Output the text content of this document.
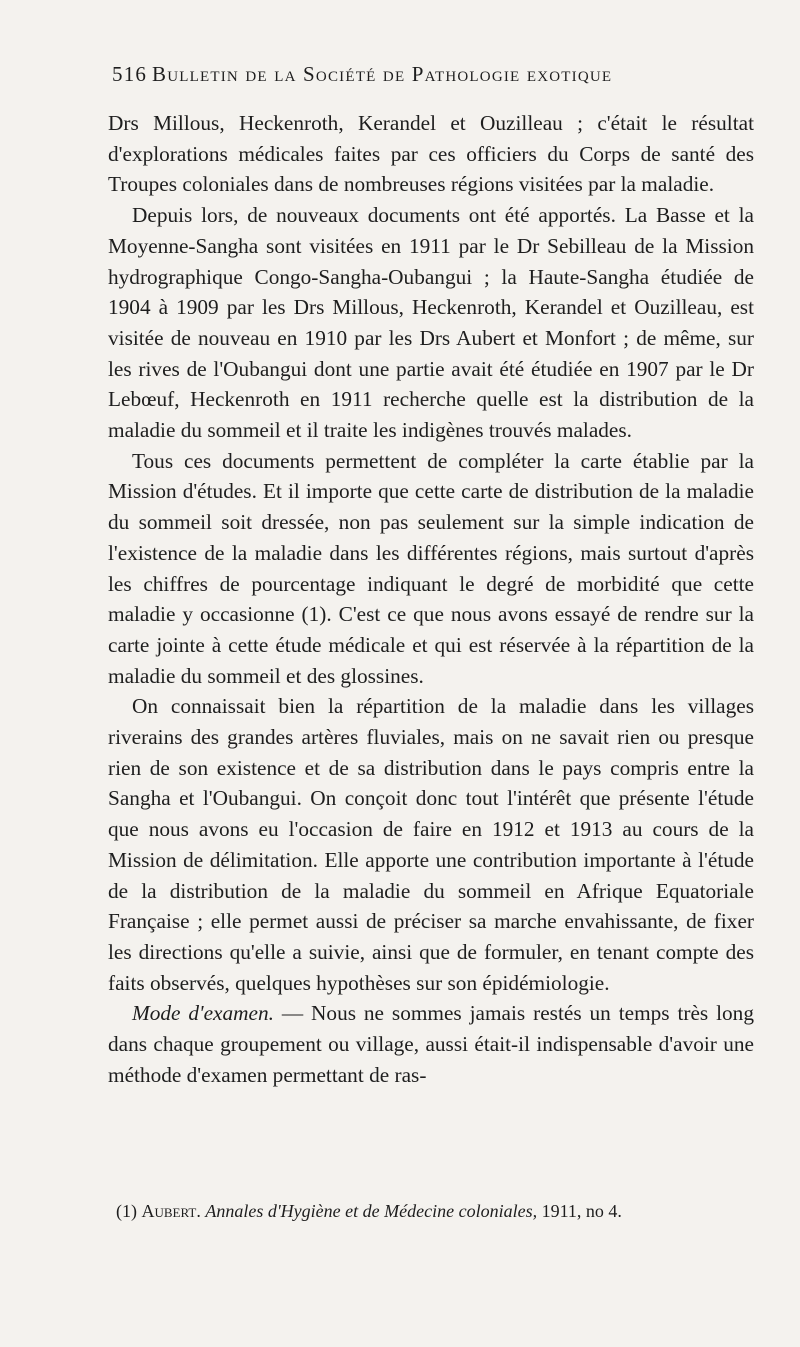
516 Bulletin de la Société de Pathologie exotique

Drs Millous, Heckenroth, Kerandel et Ouzilleau ; c'était le résultat d'explorations médicales faites par ces officiers du Corps de santé des Troupes coloniales dans de nombreuses régions visitées par la maladie.

Depuis lors, de nouveaux documents ont été apportés. La Basse et la Moyenne-Sangha sont visitées en 1911 par le Dr Sebilleau de la Mission hydrographique Congo-Sangha-Oubangui ; la Haute-Sangha étudiée de 1904 à 1909 par les Drs Millous, Heckenroth, Kerandel et Ouzilleau, est visitée de nouveau en 1910 par les Drs Aubert et Monfort ; de même, sur les rives de l'Oubangui dont une partie avait été étudiée en 1907 par le Dr Lebœuf, Heckenroth en 1911 recherche quelle est la distribution de la maladie du sommeil et il traite les indigènes trouvés malades.

Tous ces documents permettent de compléter la carte établie par la Mission d'études. Et il importe que cette carte de distribution de la maladie du sommeil soit dressée, non pas seulement sur la simple indication de l'existence de la maladie dans les différentes régions, mais surtout d'après les chiffres de pourcentage indiquant le degré de morbidité que cette maladie y occasionne (1). C'est ce que nous avons essayé de rendre sur la carte jointe à cette étude médicale et qui est réservée à la répartition de la maladie du sommeil et des glossines.

On connaissait bien la répartition de la maladie dans les villages riverains des grandes artères fluviales, mais on ne savait rien ou presque rien de son existence et de sa distribution dans le pays compris entre la Sangha et l'Oubangui. On conçoit donc tout l'intérêt que présente l'étude que nous avons eu l'occasion de faire en 1912 et 1913 au cours de la Mission de délimitation. Elle apporte une contribution importante à l'étude de la distribution de la maladie du sommeil en Afrique Equatoriale Française ; elle permet aussi de préciser sa marche envahissante, de fixer les directions qu'elle a suivie, ainsi que de formuler, en tenant compte des faits observés, quelques hypothèses sur son épidémiologie.

Mode d'examen. — Nous ne sommes jamais restés un temps très long dans chaque groupement ou village, aussi était-il indispensable d'avoir une méthode d'examen permettant de ras-

(1) Aubert. Annales d'Hygiène et de Médecine coloniales, 1911, no 4.
